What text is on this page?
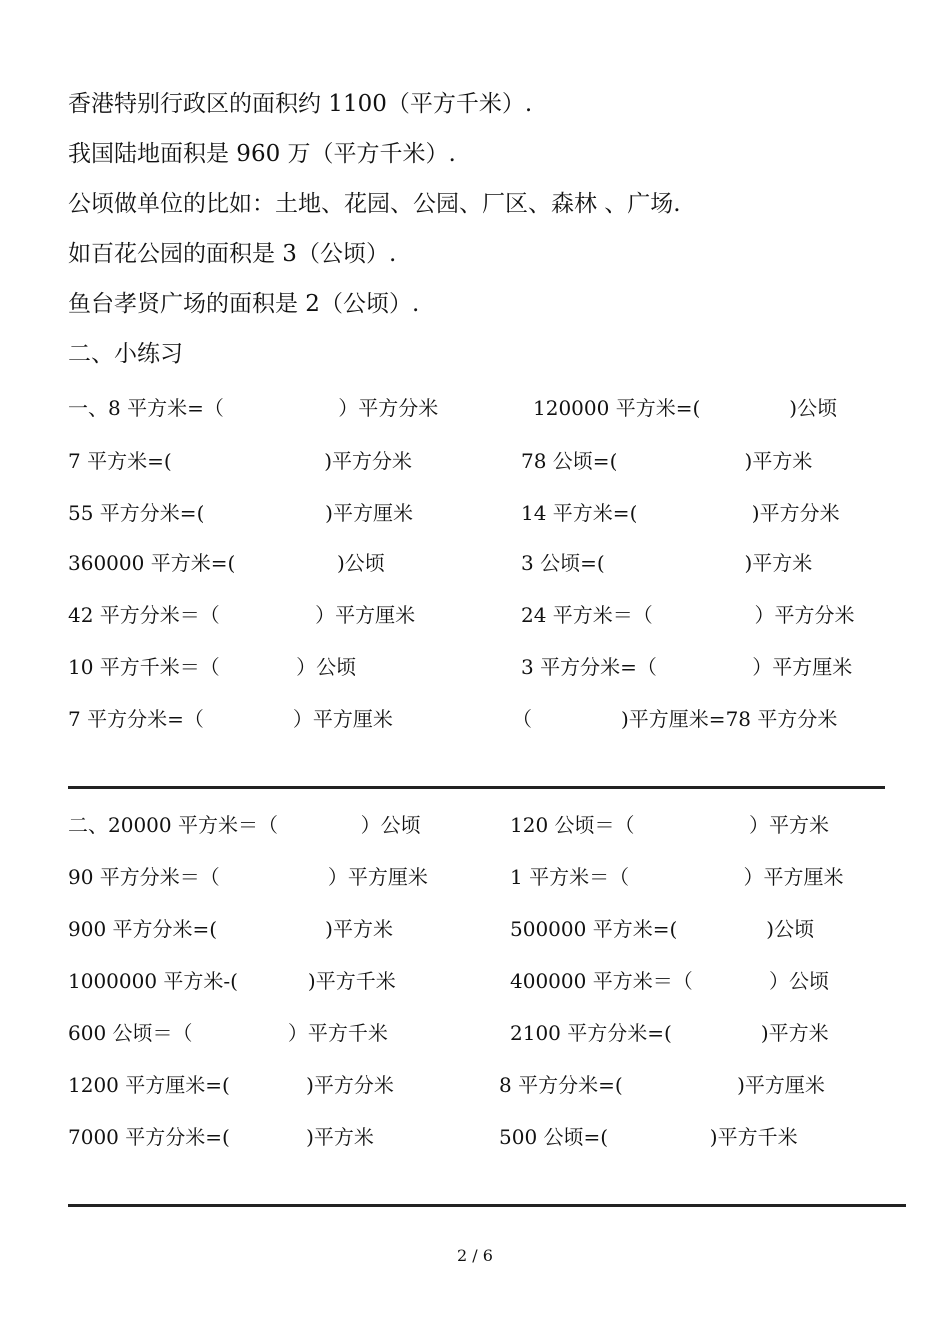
香港特别行政区的面积约 1100（平方千米）.
我国陆地面积是 960 万（平方千米）.
公顷做单位的比如：土地、花园、公园、厂区、森林 、广场.
如百花公园的面积是 3（公顷）.
鱼台孝贤广场的面积是 2（公顷）.
二、小练习
一、8 平方米=（                  ）平方分米	120000 平方米=(              )公顷
7 平方米=(                        )平方分米	78 公顷=(                    )平方米
55 平方分米=(                   )平方厘米	14 平方米=(                  )平方分米
360000 平方米=(                )公顷	3 公顷=(                      )平方米
42 平方分米＝（               ）平方厘米	24 平方米＝（                ）平方分米
10 平方千米＝（            ）公顷	3 平方分米=（               ）平方厘米
7 平方分米=（              ）平方厘米	（              )平方厘米=78 平方分米
二、20000 平方米＝（             ）公顷	120 公顷＝（                  ）平方米
90 平方分米＝（                 ）平方厘米	1 平方米＝（                  ）平方厘米
900 平方分米=(                 )平方米	500000 平方米=(              )公顷
1000000 平方米-(           )平方千米	400000 平方米＝（            ）公顷
600 公顷＝（               ）平方千米	2100 平方分米=(              )平方米
1200 平方厘米=(            )平方分米	8 平方分米=(                  )平方厘米
7000 平方分米=(            )平方米	500 公顷=(                )平方千米
2 / 6
